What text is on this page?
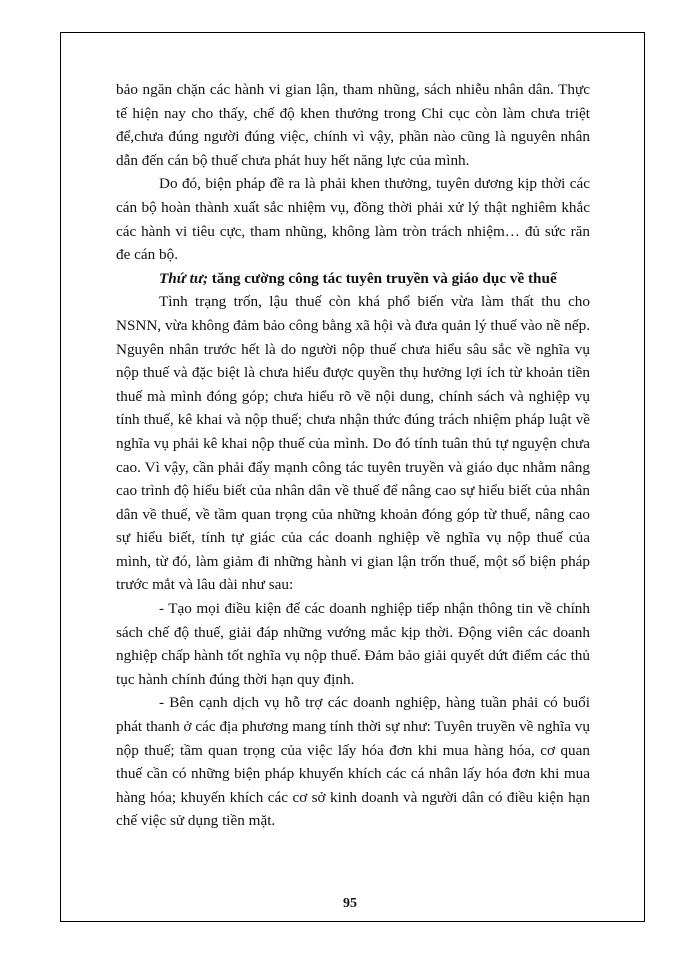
bảo ngăn chặn các hành vi gian lận, tham nhũng, sách nhiễu nhân dân. Thực tế hiện nay cho thấy, chế độ khen thưởng trong Chi cục còn làm chưa triệt để,chưa đúng người đúng việc, chính vì vậy, phần nào cũng là nguyên nhân dẫn đến cán bộ thuế chưa phát huy hết năng lực của mình.

Do đó, biện pháp đề ra là phải khen thưởng, tuyên dương kịp thời các cán bộ hoàn thành xuất sắc nhiệm vụ, đồng thời phải xử lý thật nghiêm khắc các hành vi tiêu cực, tham nhũng, không làm tròn trách nhiệm… đủ sức răn đe cán bộ.

Thứ tư; tăng cường công tác tuyên truyền và giáo dục về thuế

Tình trạng trốn, lậu thuế còn khá phổ biến vừa làm thất thu cho NSNN, vừa không đảm bảo công bằng xã hội và đưa quản lý thuế vào nề nếp. Nguyên nhân trước hết là do người nộp thuế chưa hiểu sâu sắc về nghĩa vụ nộp thuế và đặc biệt là chưa hiểu được quyền thụ hưởng lợi ích từ khoản tiền thuế mà mình đóng góp; chưa hiểu rõ về nội dung, chính sách và nghiệp vụ tính thuế, kê khai và nộp thuế; chưa nhận thức đúng trách nhiệm pháp luật về nghĩa vụ phải kê khai nộp thuế của mình. Do đó tính tuân thủ tự nguyện chưa cao. Vì vậy, cần phải đẩy mạnh công tác tuyên truyền và giáo dục nhằm nâng cao trình độ hiểu biết của nhân dân về thuế để nâng cao sự hiểu biết của nhân dân về thuế, về tầm quan trọng của những khoản đóng góp từ thuế, nâng cao sự hiểu biết, tính tự giác của các doanh nghiệp về nghĩa vụ nộp thuế của mình, từ đó, làm giảm đi những hành vi gian lận trốn thuế, một số biện pháp trước mắt và lâu dài như sau:

- Tạo mọi điều kiện để các doanh nghiệp tiếp nhận thông tin về chính sách chế độ thuế, giải đáp những vướng mắc kịp thời. Động viên các doanh nghiệp chấp hành tốt nghĩa vụ nộp thuế. Đảm bảo giải quyết dứt điểm các thủ tục hành chính đúng thời hạn quy định.

- Bên cạnh dịch vụ hỗ trợ các doanh nghiệp, hàng tuần phải có buổi phát thanh ở các địa phương mang tính thời sự như: Tuyên truyền về nghĩa vụ nộp thuế; tầm quan trọng của việc lấy hóa đơn khi mua hàng hóa, cơ quan thuế cần có những biện pháp khuyến khích các cá nhân lấy hóa đơn khi mua hàng hóa; khuyến khích các cơ sở kinh doanh và người dân có điều kiện hạn chế việc sử dụng tiền mặt.

95
